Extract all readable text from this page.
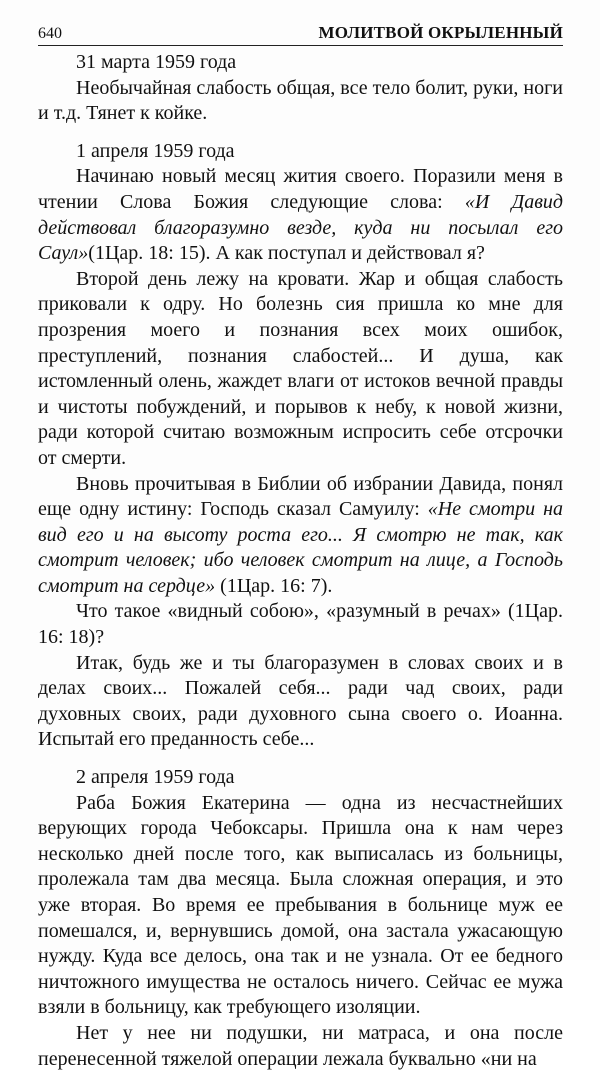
640	МОЛИТВОЙ ОКРЫЛЕННЫЙ

31 марта 1959 года

Необычайная слабость общая, все тело болит, руки, ноги и т.д. Тянет к койке.

1 апреля 1959 года

Начинаю новый месяц жития своего. Поразили меня в чтении Слова Божия следующие слова: «И Давид действовал благоразумно везде, куда ни посылал его Саул»(1Цар. 18: 15). А как поступал и действовал я?

Второй день лежу на кровати. Жар и общая слабость приковали к одру. Но болезнь сия пришла ко мне для прозрения моего и познания всех моих ошибок, преступлений, познания слабостей... И душа, как истомленный олень, жаждет влаги от истоков вечной правды и чистоты побуждений, и порывов к небу, к новой жизни, ради которой считаю возможным испросить себе отсрочки от смерти.

Вновь прочитывая в Библии об избрании Давида, понял еще одну истину: Господь сказал Самуилу: «Не смотри на вид его и на высоту роста его... Я смотрю не так, как смотрит человек; ибо человек смотрит на лице, а Господь смотрит на сердце» (1Цар. 16: 7).

Что такое «видный собою», «разумный в речах» (1Цар. 16: 18)?

Итак, будь же и ты благоразумен в словах своих и в делах своих... Пожалей себя... ради чад своих, ради духовных своих, ради духовного сына своего о. Иоанна. Испытай его преданность себе...

2 апреля 1959 года

Раба Божия Екатерина — одна из несчастнейших верующих города Чебоксары. Пришла она к нам через несколько дней после того, как выписалась из больницы, пролежала там два месяца. Была сложная операция, и это уже вторая. Во время ее пребывания в больнице муж ее помешался, и, вернувшись домой, она застала ужасающую нужду. Куда все делось, она так и не узнала. От ее бедного ничтожного имущества не осталось ничего. Сейчас ее мужа взяли в больницу, как требующего изоляции.

Нет у нее ни подушки, ни матраса, и она после перенесенной тяжелой операции лежала буквально «ни на
